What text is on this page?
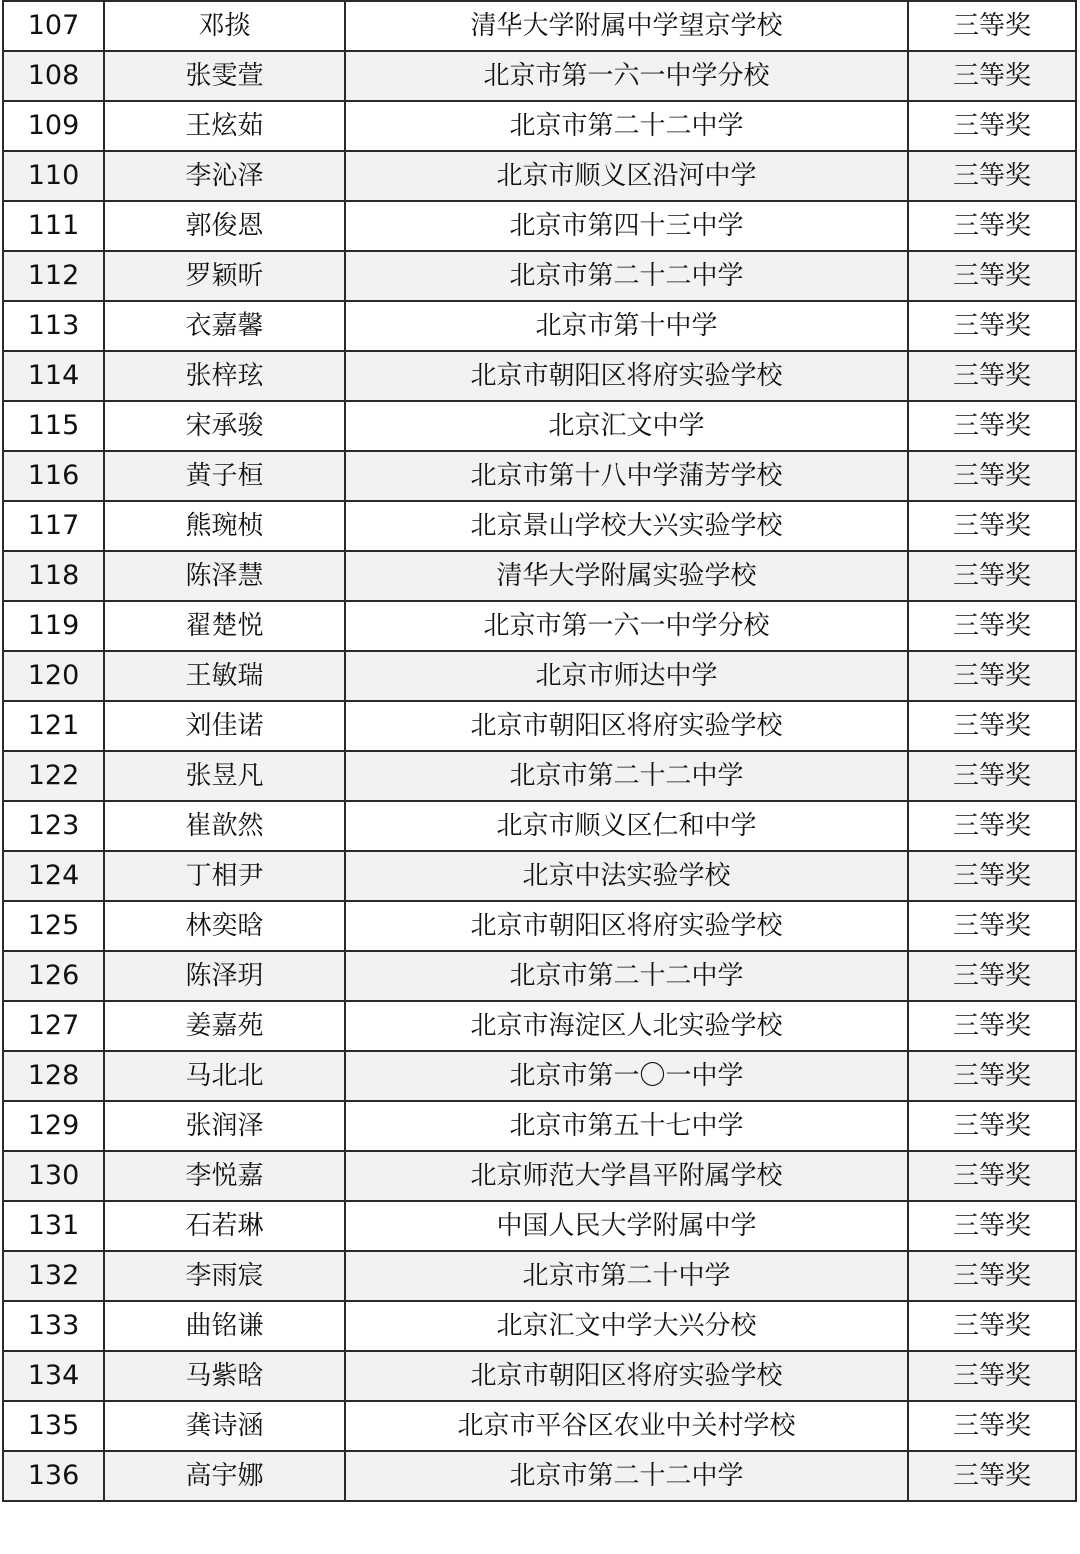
107	邓掞	清华大学附属中学望京学校	三等奖
108	张雯萱	北京市第一六一中学分校	三等奖
109	王炫茹	北京市第二十二中学	三等奖
110	李沁泽	北京市顺义区沿河中学	三等奖
111	郭俊恩	北京市第四十三中学	三等奖
112	罗颖昕	北京市第二十二中学	三等奖
113	衣嘉馨	北京市第十中学	三等奖
114	张梓玹	北京市朝阳区将府实验学校	三等奖
115	宋承骏	北京汇文中学	三等奖
116	黄子桓	北京市第十八中学蒲芳学校	三等奖
117	熊琬桢	北京景山学校大兴实验学校	三等奖
118	陈泽慧	清华大学附属实验学校	三等奖
119	翟楚悦	北京市第一六一中学分校	三等奖
120	王敏瑞	北京市师达中学	三等奖
121	刘佳诺	北京市朝阳区将府实验学校	三等奖
122	张昱凡	北京市第二十二中学	三等奖
123	崔歆然	北京市顺义区仁和中学	三等奖
124	丁相尹	北京中法实验学校	三等奖
125	林奕晗	北京市朝阳区将府实验学校	三等奖
126	陈泽玥	北京市第二十二中学	三等奖
127	姜嘉苑	北京市海淀区人北实验学校	三等奖
128	马北北	北京市第一〇一中学	三等奖
129	张润泽	北京市第五十七中学	三等奖
130	李悦嘉	北京师范大学昌平附属学校	三等奖
131	石若琳	中国人民大学附属中学	三等奖
132	李雨宸	北京市第二十中学	三等奖
133	曲铭谦	北京汇文中学大兴分校	三等奖
134	马紫晗	北京市朝阳区将府实验学校	三等奖
135	龚诗涵	北京市平谷区农业中关村学校	三等奖
136	高宇娜	北京市第二十二中学	三等奖
